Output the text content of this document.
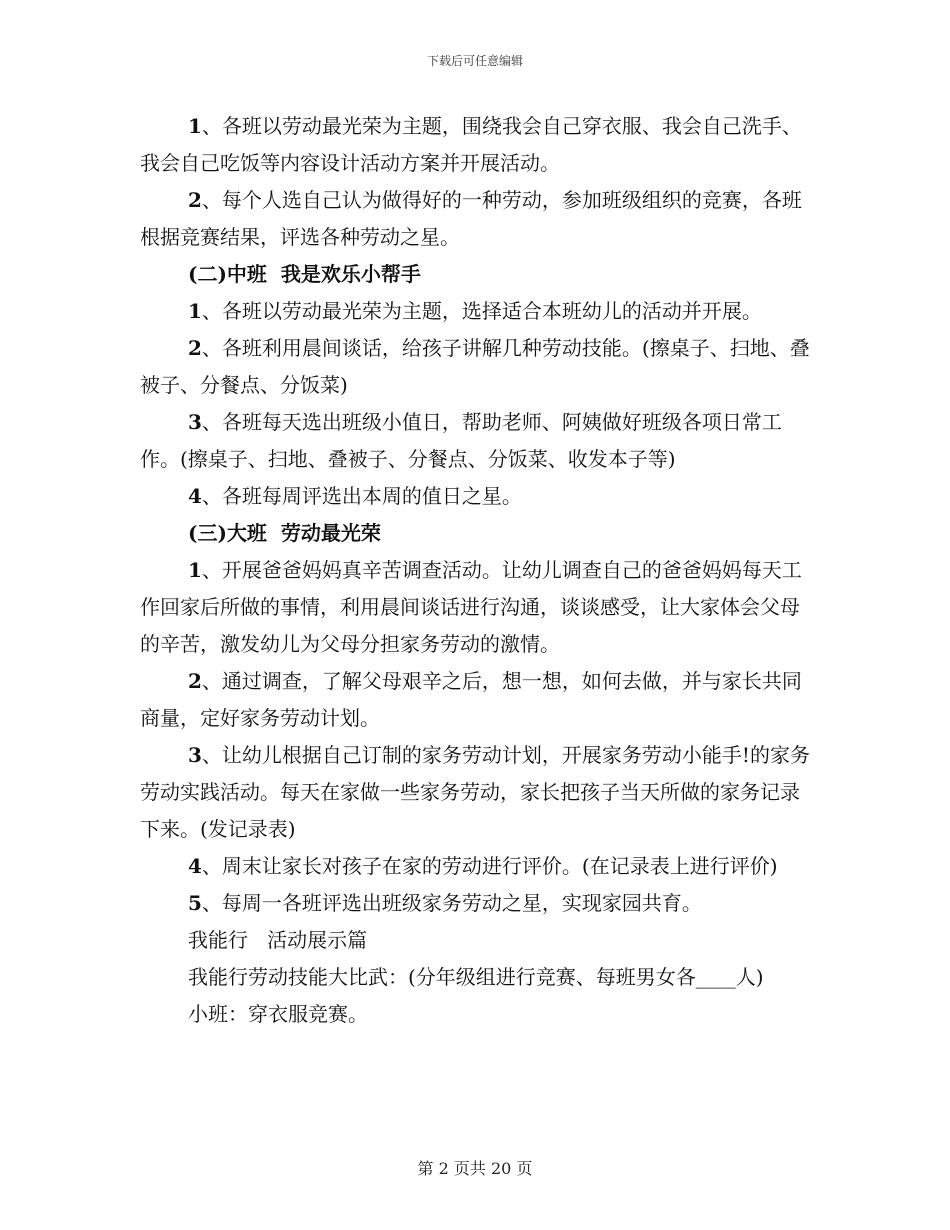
下载后可任意编辑

1、各班以劳动最光荣为主题，围绕我会自己穿衣服、我会自己洗手、我会自己吃饭等内容设计活动方案并开展活动。

2、每个人选自己认为做得好的一种劳动，参加班级组织的竞赛，各班根据竞赛结果，评选各种劳动之星。

(二)中班  我是欢乐小帮手

1、各班以劳动最光荣为主题，选择适合本班幼儿的活动并开展。

2、各班利用晨间谈话，给孩子讲解几种劳动技能。(擦桌子、扫地、叠被子、分餐点、分饭菜)

3、各班每天选出班级小值日，帮助老师、阿姨做好班级各项日常工作。(擦桌子、扫地、叠被子、分餐点、分饭菜、收发本子等)

4、各班每周评选出本周的值日之星。

(三)大班  劳动最光荣

1、开展爸爸妈妈真辛苦调查活动。让幼儿调查自己的爸爸妈妈每天工作回家后所做的事情，利用晨间谈话进行沟通，谈谈感受，让大家体会父母的辛苦，激发幼儿为父母分担家务劳动的激情。

2、通过调查，了解父母艰辛之后，想一想，如何去做，并与家长共同商量，定好家务劳动计划。

3、让幼儿根据自己订制的家务劳动计划，开展家务劳动小能手!的家务劳动实践活动。每天在家做一些家务劳动，家长把孩子当天所做的家务记录下来。(发记录表)

4、周末让家长对孩子在家的劳动进行评价。(在记录表上进行评价)

5、每周一各班评选出班级家务劳动之星，实现家园共育。

我能行   活动展示篇

我能行劳动技能大比武：(分年级组进行竞赛、每班男女各____人)

小班：穿衣服竞赛。

第 2 页共 20 页
